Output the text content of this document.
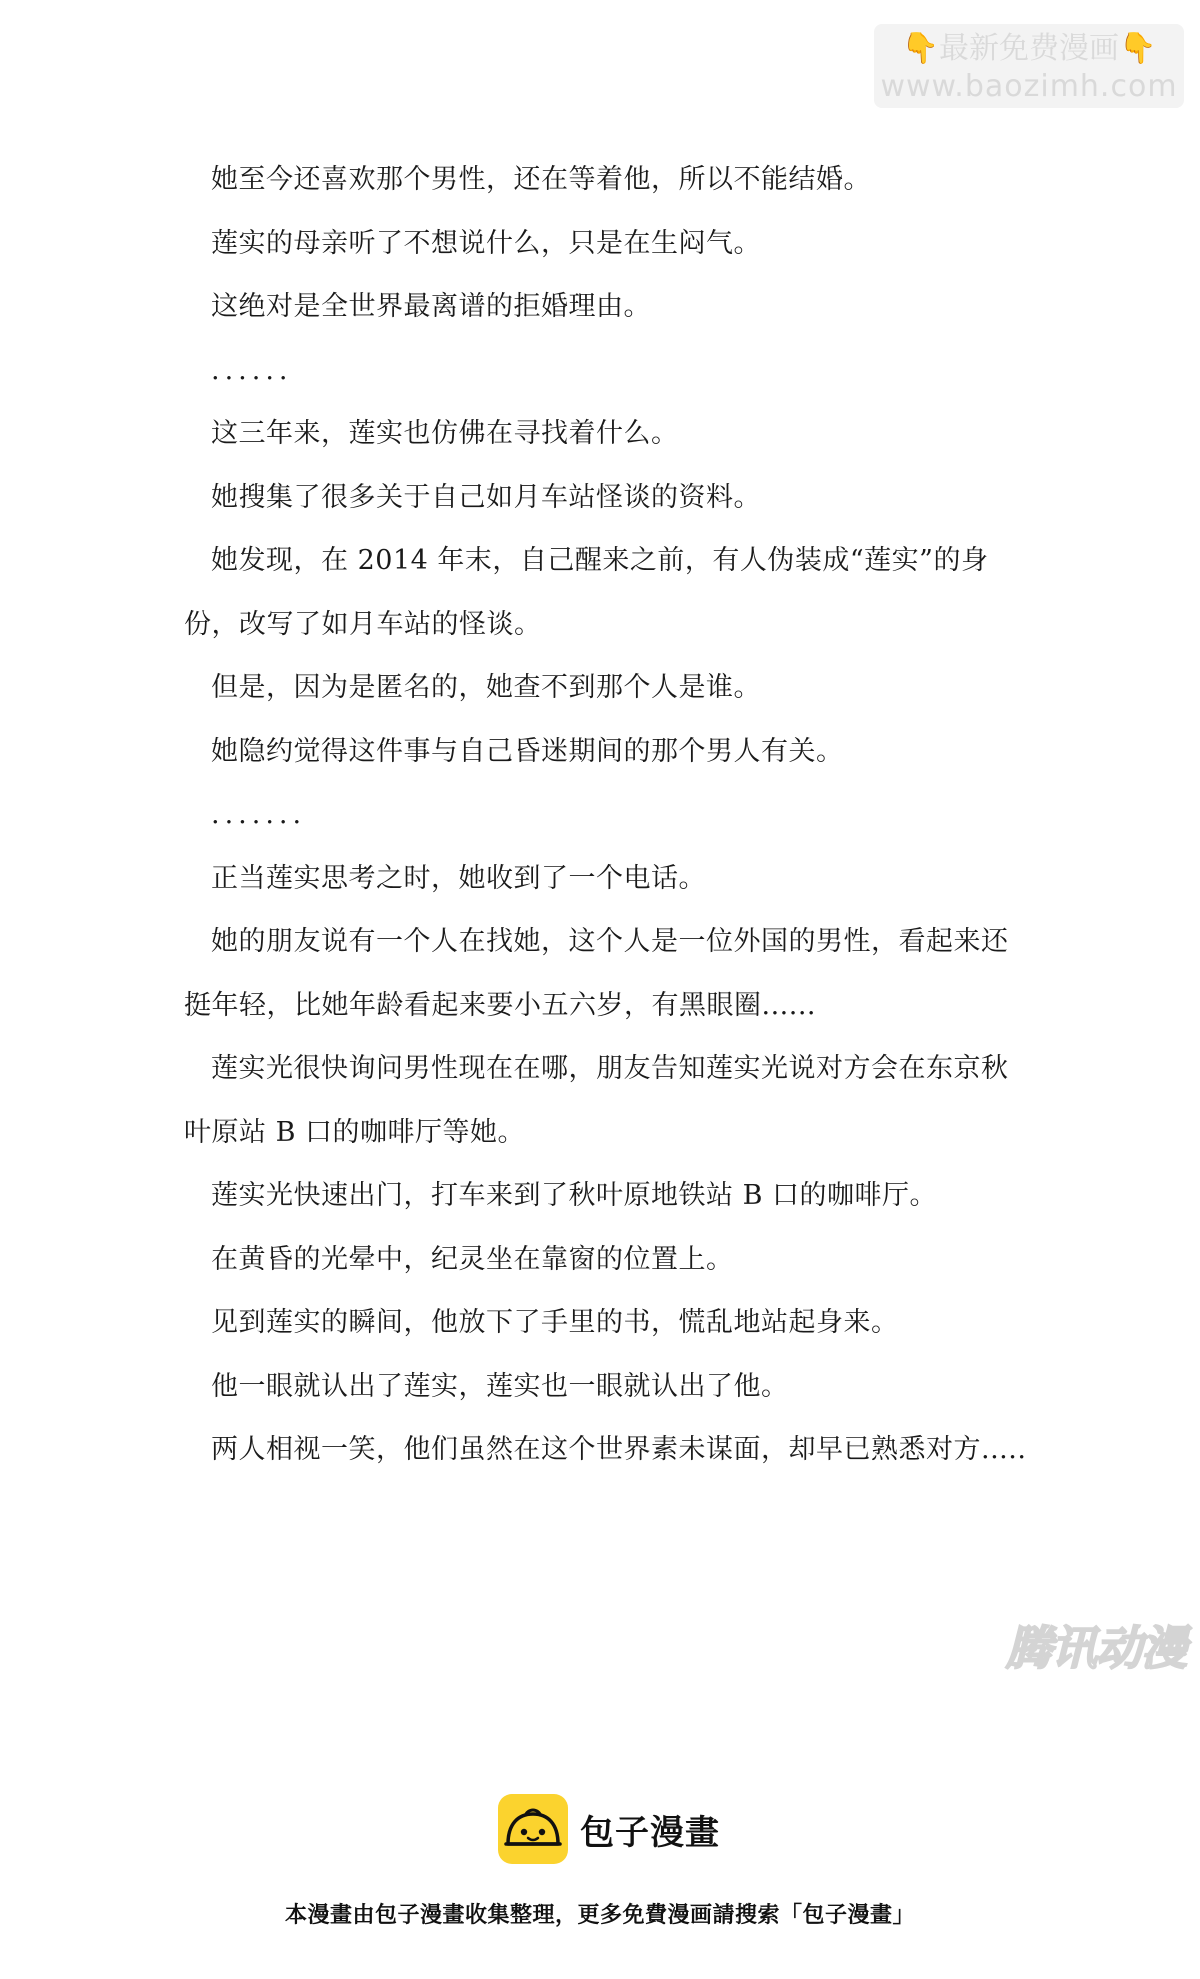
👇最新免费漫画👇
www.baozimh.com

她至今还喜欢那个男性，还在等着他，所以不能结婚。

莲实的母亲听了不想说什么，只是在生闷气。

这绝对是全世界最离谱的拒婚理由。

......

这三年来，莲实也仿佛在寻找着什么。

她搜集了很多关于自己如月车站怪谈的资料。

她发现，在 2014 年末，自己醒来之前，有人伪装成“莲实”的身份，改写了如月车站的怪谈。

但是，因为是匿名的，她查不到那个人是谁。

她隐约觉得这件事与自己昏迷期间的那个男人有关。

.......

正当莲实思考之时，她收到了一个电话。

她的朋友说有一个人在找她，这个人是一位外国的男性，看起来还挺年轻，比她年龄看起来要小五六岁，有黑眼圈......

莲实光很快询问男性现在在哪，朋友告知莲实光说对方会在东京秋叶原站 B 口的咖啡厅等她。

莲实光快速出门，打车来到了秋叶原地铁站 B 口的咖啡厅。

在黄昏的光晕中，纪灵坐在靠窗的位置上。

见到莲实的瞬间，他放下了手里的书，慌乱地站起身来。

他一眼就认出了莲实，莲实也一眼就认出了他。

两人相视一笑，他们虽然在这个世界素未谋面，却早已熟悉对方.....

腾讯动漫
包子漫畫
本漫畫由包子漫畫收集整理，更多免費漫画請搜索「包子漫畫」
